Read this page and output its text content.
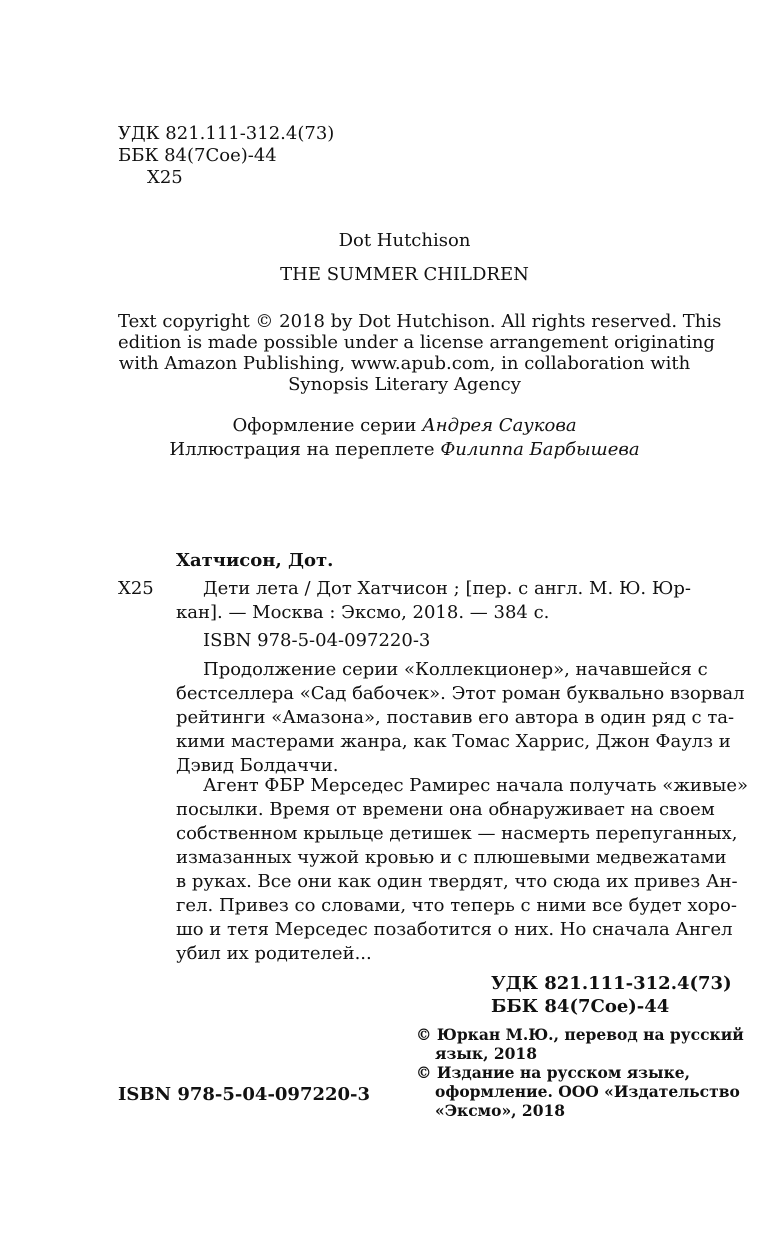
УДК 821.111-312.4(73)
ББК 84(7Сое)-44
Х25
Dot Hutchison
THE SUMMER CHILDREN
Text copyright © 2018 by Dot Hutchison. All rights reserved. This
edition is made possible under a license arrangement originating
with Amazon Publishing, www.apub.com, in collaboration with
Synopsis Literary Agency
Оформление серии Андрея Саукова
Иллюстрация на переплете Филиппа Барбышева
Хатчисон, Дот.
Х25	Дети лета / Дот Хатчисон ; [пер. с англ. М. Ю. Юр-
кан]. — Москва : Эксмо, 2018. — 384 с.
ISBN 978-5-04-097220-3
Продолжение серии «Коллекционер», начавшейся с
бестселлера «Сад бабочек». Этот роман буквально взорвал
рейтинги «Амазона», поставив его автора в один ряд с та-
кими мастерами жанра, как Томас Харрис, Джон Фаулз и
Дэвид Болдаччи.
Агент ФБР Мерседес Рамирес начала получать «живые»
посылки. Время от времени она обнаруживает на своем
собственном крыльце детишек — насмерть перепуганных,
измазанных чужой кровью и с плюшевыми медвежатами
в руках. Все они как один твердят, что сюда их привез Ан-
гел. Привез со словами, что теперь с ними все будет хоро-
шо и тетя Мерседес позаботится о них. Но сначала Ангел
убил их родителей...
УДК 821.111-312.4(73)
ББК 84(7Сое)-44
© Юркан М.Ю., перевод на русский
язык, 2018
© Издание на русском языке,
оформление. ООО «Издательство
«Эксмо», 2018
ISBN 978-5-04-097220-3
